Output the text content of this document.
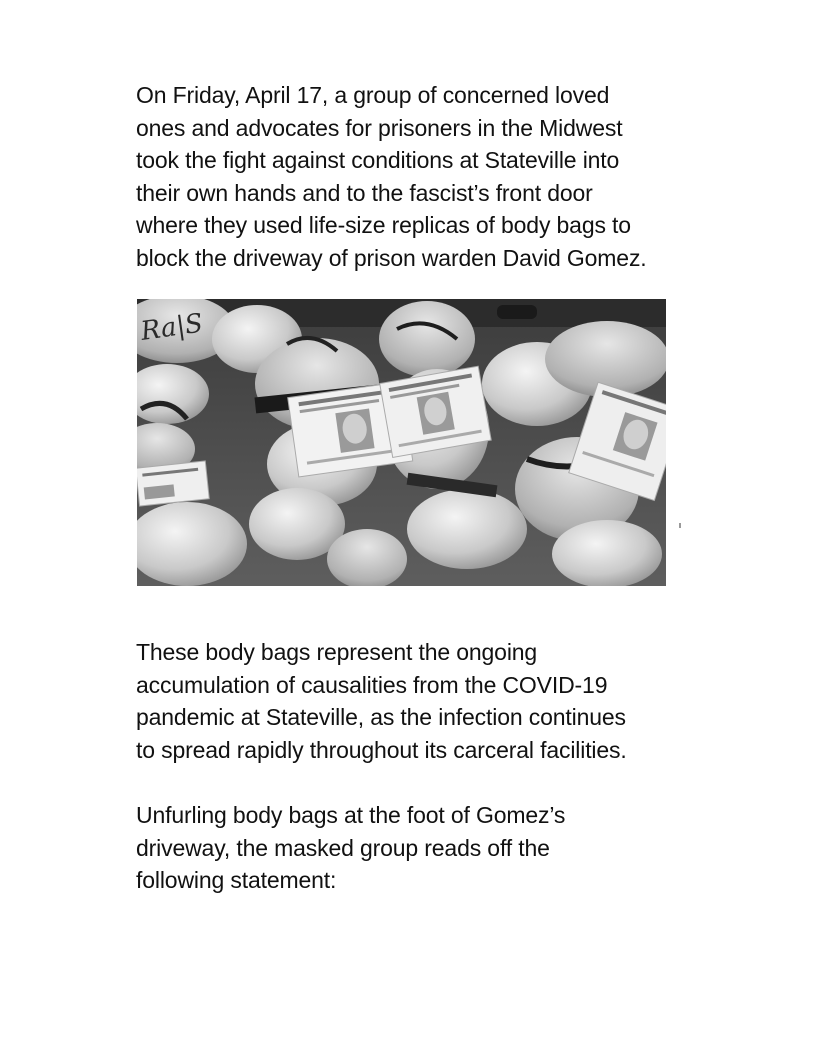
On Friday, April 17, a group of concerned loved
ones and advocates for prisoners in the Midwest
took the fight against conditions at Stateville into
their own hands and to the fascist’s front door
where they used life-size replicas of body bags to
block the driveway of prison warden David Gomez.

Ra|S

These body bags represent the ongoing
accumulation of causalities from the COVID-19
pandemic at Stateville, as the infection continues
to spread rapidly throughout its carceral facilities.

Unfurling body bags at the foot of Gomez’s
driveway, the masked group reads off the
following statement:
